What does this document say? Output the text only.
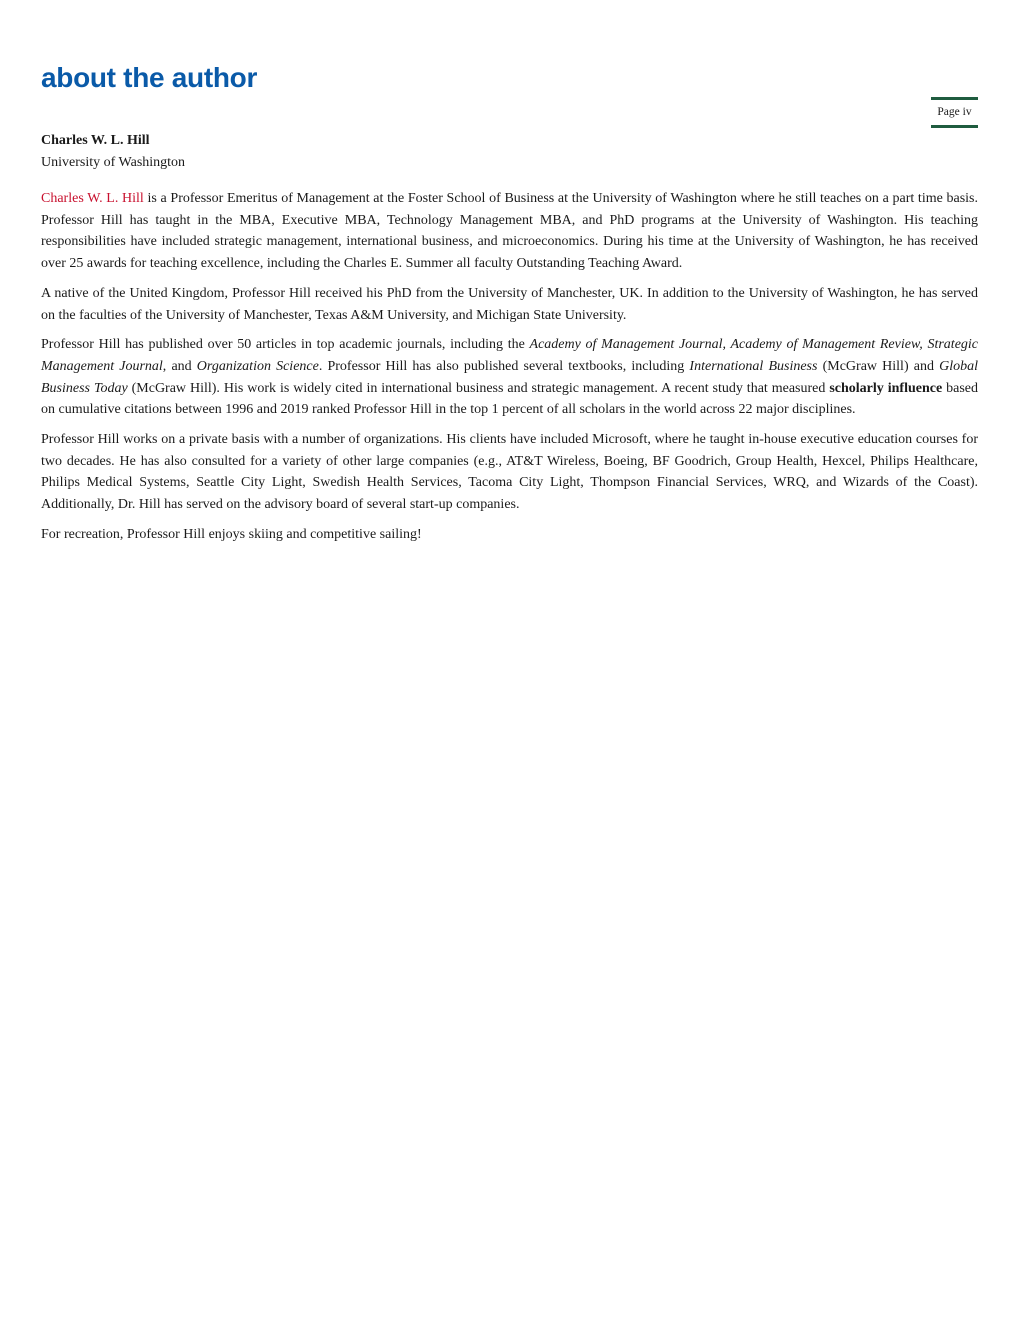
about the author
Page iv
Charles W. L. Hill
University of Washington

Charles W. L. Hill is a Professor Emeritus of Management at the Foster School of Business at the University of Washington where he still teaches on a part time basis. Professor Hill has taught in the MBA, Executive MBA, Technology Management MBA, and PhD programs at the University of Washington. His teaching responsibilities have included strategic management, international business, and microeconomics. During his time at the University of Washington, he has received over 25 awards for teaching excellence, including the Charles E. Summer all faculty Outstanding Teaching Award.

A native of the United Kingdom, Professor Hill received his PhD from the University of Manchester, UK. In addition to the University of Washington, he has served on the faculties of the University of Manchester, Texas A&M University, and Michigan State University.

Professor Hill has published over 50 articles in top academic journals, including the Academy of Management Journal, Academy of Management Review, Strategic Management Journal, and Organization Science. Professor Hill has also published several textbooks, including International Business (McGraw Hill) and Global Business Today (McGraw Hill). His work is widely cited in international business and strategic management. A recent study that measured scholarly influence based on cumulative citations between 1996 and 2019 ranked Professor Hill in the top 1 percent of all scholars in the world across 22 major disciplines.

Professor Hill works on a private basis with a number of organizations. His clients have included Microsoft, where he taught in-house executive education courses for two decades. He has also consulted for a variety of other large companies (e.g., AT&T Wireless, Boeing, BF Goodrich, Group Health, Hexcel, Philips Healthcare, Philips Medical Systems, Seattle City Light, Swedish Health Services, Tacoma City Light, Thompson Financial Services, WRQ, and Wizards of the Coast). Additionally, Dr. Hill has served on the advisory board of several start-up companies.

For recreation, Professor Hill enjoys skiing and competitive sailing!
